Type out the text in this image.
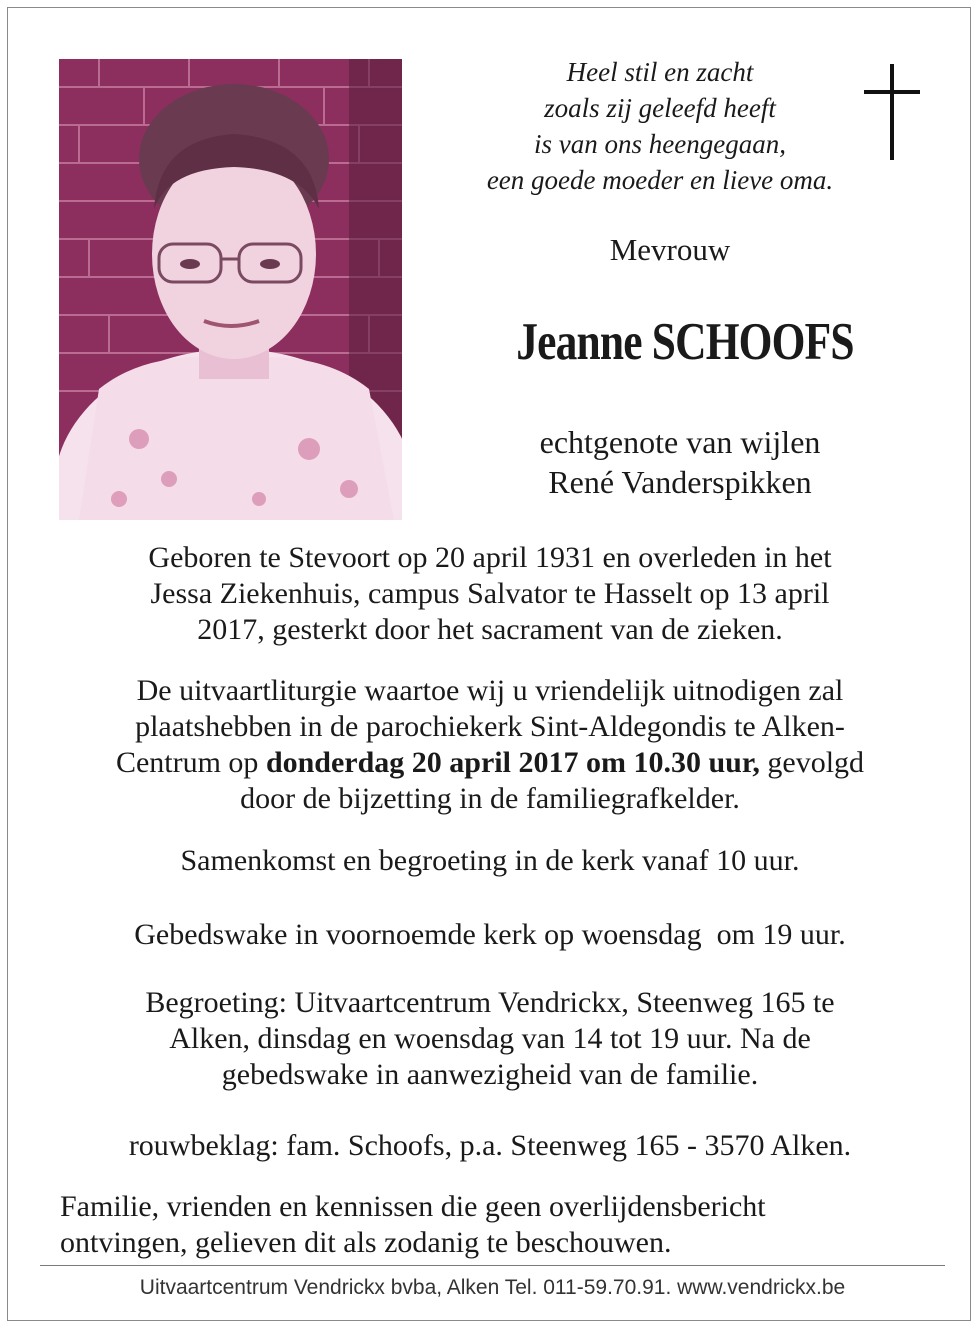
Heel stil en zacht
zoals zij geleefd heeft
is van ons heengegaan,
een goede moeder en lieve oma.
Mevrouw
Jeanne SCHOOFS
echtgenote van wijlen
René Vanderspikken
Geboren te Stevoort op 20 april 1931 en overleden in het
Jessa Ziekenhuis, campus Salvator te Hasselt op 13 april
2017, gesterkt door het sacrament van de zieken.
De uitvaartliturgie waartoe wij u vriendelijk uitnodigen zal
plaatshebben in de parochiekerk Sint-Aldegondis te Alken-
Centrum op donderdag 20 april 2017 om 10.30 uur, gevolgd
door de bijzetting in de familiegrafkelder.
Samenkomst en begroeting in de kerk vanaf 10 uur.
Gebedswake in voornoemde kerk op woensdag  om 19 uur.
Begroeting: Uitvaartcentrum Vendrickx, Steenweg 165 te
Alken, dinsdag en woensdag van 14 tot 19 uur. Na de
gebedswake in aanwezigheid van de familie.
rouwbeklag: fam. Schoofs, p.a. Steenweg 165 - 3570 Alken.
Familie, vrienden en kennissen die geen overlijdensbericht
ontvingen, gelieven dit als zodanig te beschouwen.
Uitvaartcentrum Vendrickx bvba, Alken Tel. 011-59.70.91. www.vendrickx.be
